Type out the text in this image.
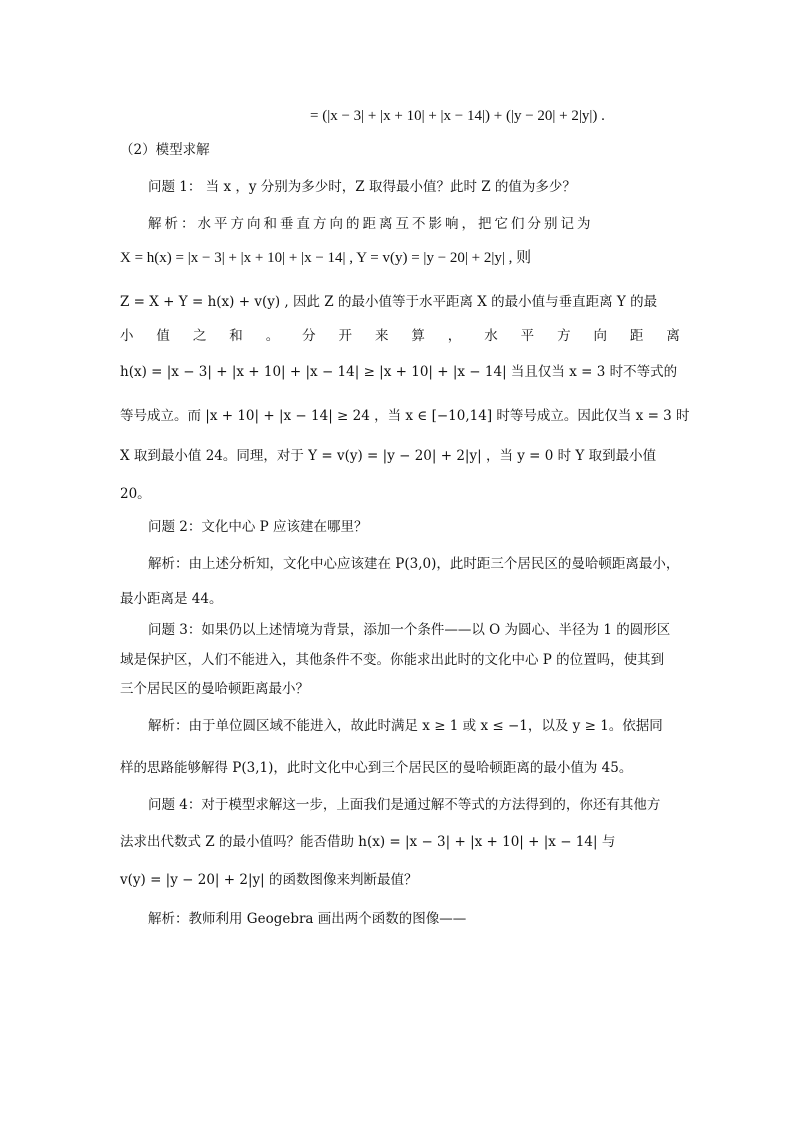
= (|x − 3| + |x + 10| + |x − 14|) + (|y − 20| + 2|y|) .
（2）模型求解
问题 1： 当 x ，y 分别为多少时，Z 取得最小值？此时 Z 的值为多少？
解析：水平方向和垂直方向的距离互不影响，把它们分别记为
X = h(x) = |x − 3| + |x + 10| + |x − 14| , Y = v(y) = |y − 20| + 2|y| , 则
Z = X + Y = h(x) + v(y) , 因此 Z 的最小值等于水平距离 X 的最小值与垂直距离 Y 的最
小 值 之 和 。 分 开 来 算 ， 水 平 方 向 距 离
h(x) = |x − 3| + |x + 10| + |x − 14| ≥ |x + 10| + |x − 14| 当且仅当 x = 3 时不等式的
等号成立。而 |x + 10| + |x − 14| ≥ 24 ，当 x ∈ [−10,14] 时等号成立。因此仅当 x = 3 时
X 取到最小值 24。同理，对于 Y = v(y) = |y − 20| + 2|y| ，当 y = 0 时 Y 取到最小值
20。
问题 2：文化中心 P 应该建在哪里？
解析：由上述分析知，文化中心应该建在 P(3,0)，此时距三个居民区的曼哈顿距离最小，
最小距离是 44。
问题 3：如果仍以上述情境为背景，添加一个条件——以 O 为圆心、半径为 1 的圆形区
域是保护区，人们不能进入，其他条件不变。你能求出此时的文化中心 P 的位置吗，使其到
三个居民区的曼哈顿距离最小？
解析：由于单位圆区域不能进入，故此时满足 x ≥ 1 或 x ≤ −1，以及 y ≥ 1。依据同
样的思路能够解得 P(3,1)，此时文化中心到三个居民区的曼哈顿距离的最小值为 45。
问题 4：对于模型求解这一步，上面我们是通过解不等式的方法得到的，你还有其他方
法求出代数式 Z 的最小值吗？能否借助 h(x) = |x − 3| + |x + 10| + |x − 14| 与
v(y) = |y − 20| + 2|y| 的函数图像来判断最值？
解析：教师利用 Geogebra 画出两个函数的图像——
